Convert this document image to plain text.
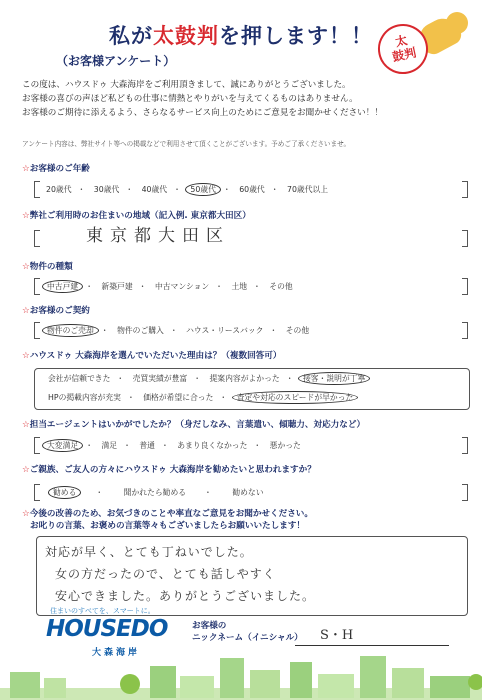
太
鼓判
私が太鼓判を押します！！
（お客様アンケート）
この度は、ハウスドゥ 大森海岸をご利用頂きまして、誠にありがとうございました。
お客様の喜びの声ほど私どもの仕事に情熱とやりがいを与えてくるものはありません。
お客様のご期待に添えるよう、さらなるサービス向上のためにご意見をお聞かせください！！
アンケート内容は、弊社サイト等への掲載などで利用させて頂くことがございます。予めご了承くださいませ。
☆お客様のご年齢
20歳代 ・ 30歳代 ・ 40歳代 ・ 50歳代 ・ 60歳代 ・ 70歳代以上
☆弊社ご利用時のお住まいの地域（記入例. 東京都大田区）
東京都大田区
☆物件の種類
中古戸建 ・ 新築戸建 ・ 中古マンション ・ 土地 ・ その他
☆お客様のご契約
物件のご売却 ・ 物件のご購入 ・ ハウス・リースバック ・ その他
☆ハウスドゥ 大森海岸を選んでいただいた理由は？（複数回答可）
会社が信頼できた ・ 売買実績が豊富 ・ 提案内容がよかった ・ 接客・説明が丁寧
HPの掲載内容が充実 ・ 価格が希望に合った ・ 査定や対応のスピードが早かった
☆担当エージェントはいかがでしたか？（身だしなみ、言葉遣い、傾聴力、対応力など）
大変満足 ・ 満足 ・ 普通 ・ あまり良くなかった ・ 悪かった
☆ご親族、ご友人の方々にハウスドゥ 大森海岸を勧めたいと思われますか？
勧める ・	聞かれたら勧める ・	勧めない
☆今後の改善のため、お気づきのことや率直なご意見をお聞かせください。
お叱りの言葉、お褒めの言葉等々もございましたらお願いいたします！
対応が早く、とても丁ねいでした。
女の方だったので、とても話しやすく
安心できました。ありがとうございました。
住まいのすべてを、スマートに。
HOUSEDO
大森海岸
お客様の
ニックネーム（イニシャル） S・H
